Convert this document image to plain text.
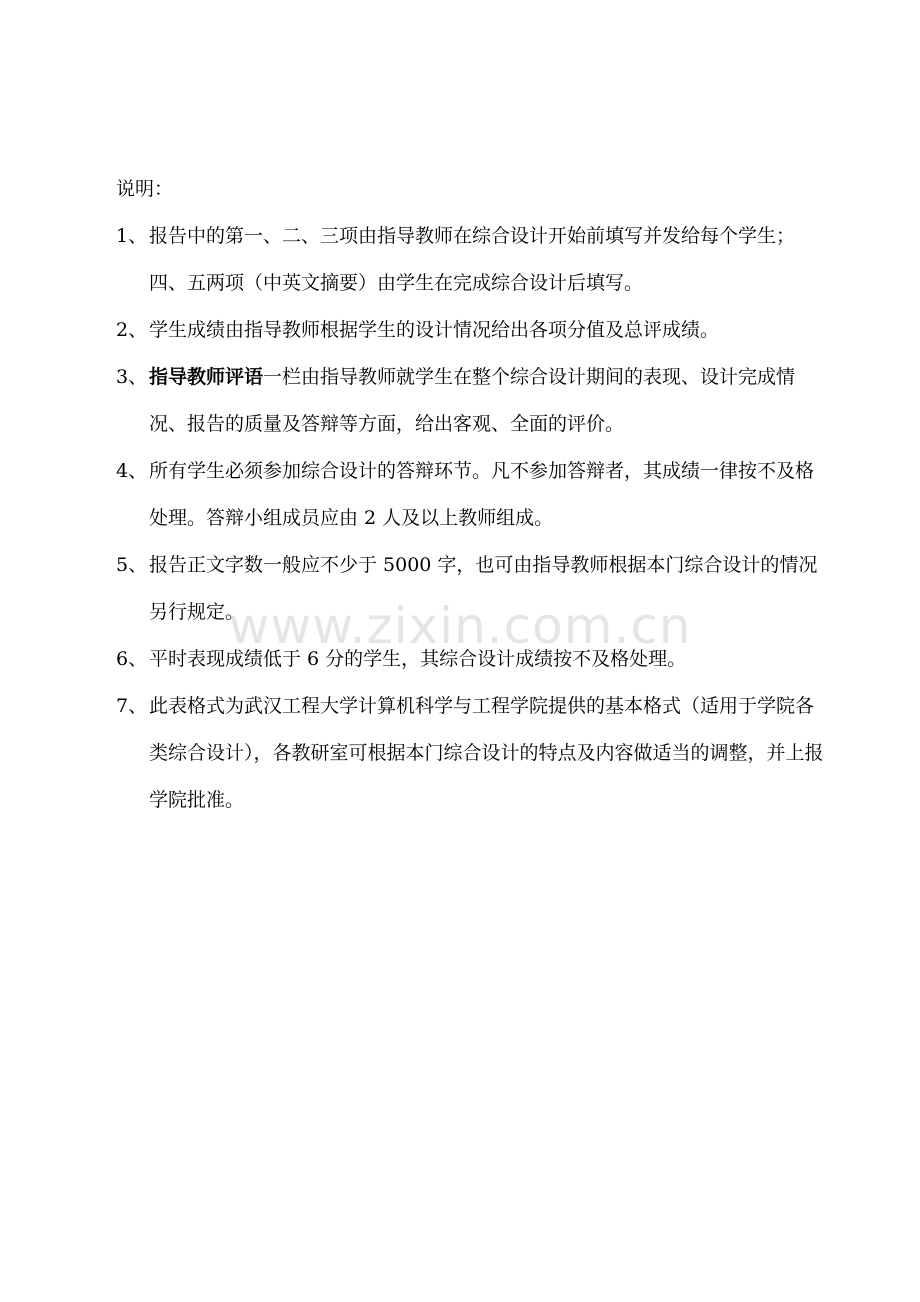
说明：

1、 报告中的第一、二、三项由指导教师在综合设计开始前填写并发给每个学生；四、五两项（中英文摘要）由学生在完成综合设计后填写。

2、 学生成绩由指导教师根据学生的设计情况给出各项分值及总评成绩。

3、 指导教师评语一栏由指导教师就学生在整个综合设计期间的表现、设计完成情况、报告的质量及答辩等方面，给出客观、全面的评价。

4、 所有学生必须参加综合设计的答辩环节。凡不参加答辩者，其成绩一律按不及格处理。答辩小组成员应由 2 人及以上教师组成。

5、 报告正文字数一般应不少于 5000 字，也可由指导教师根据本门综合设计的情况另行规定。

6、 平时表现成绩低于 6 分的学生，其综合设计成绩按不及格处理。

7、 此表格式为武汉工程大学计算机科学与工程学院提供的基本格式（适用于学院各类综合设计），各教研室可根据本门综合设计的特点及内容做适当的调整，并上报学院批准。

www.zixin.com.cn
